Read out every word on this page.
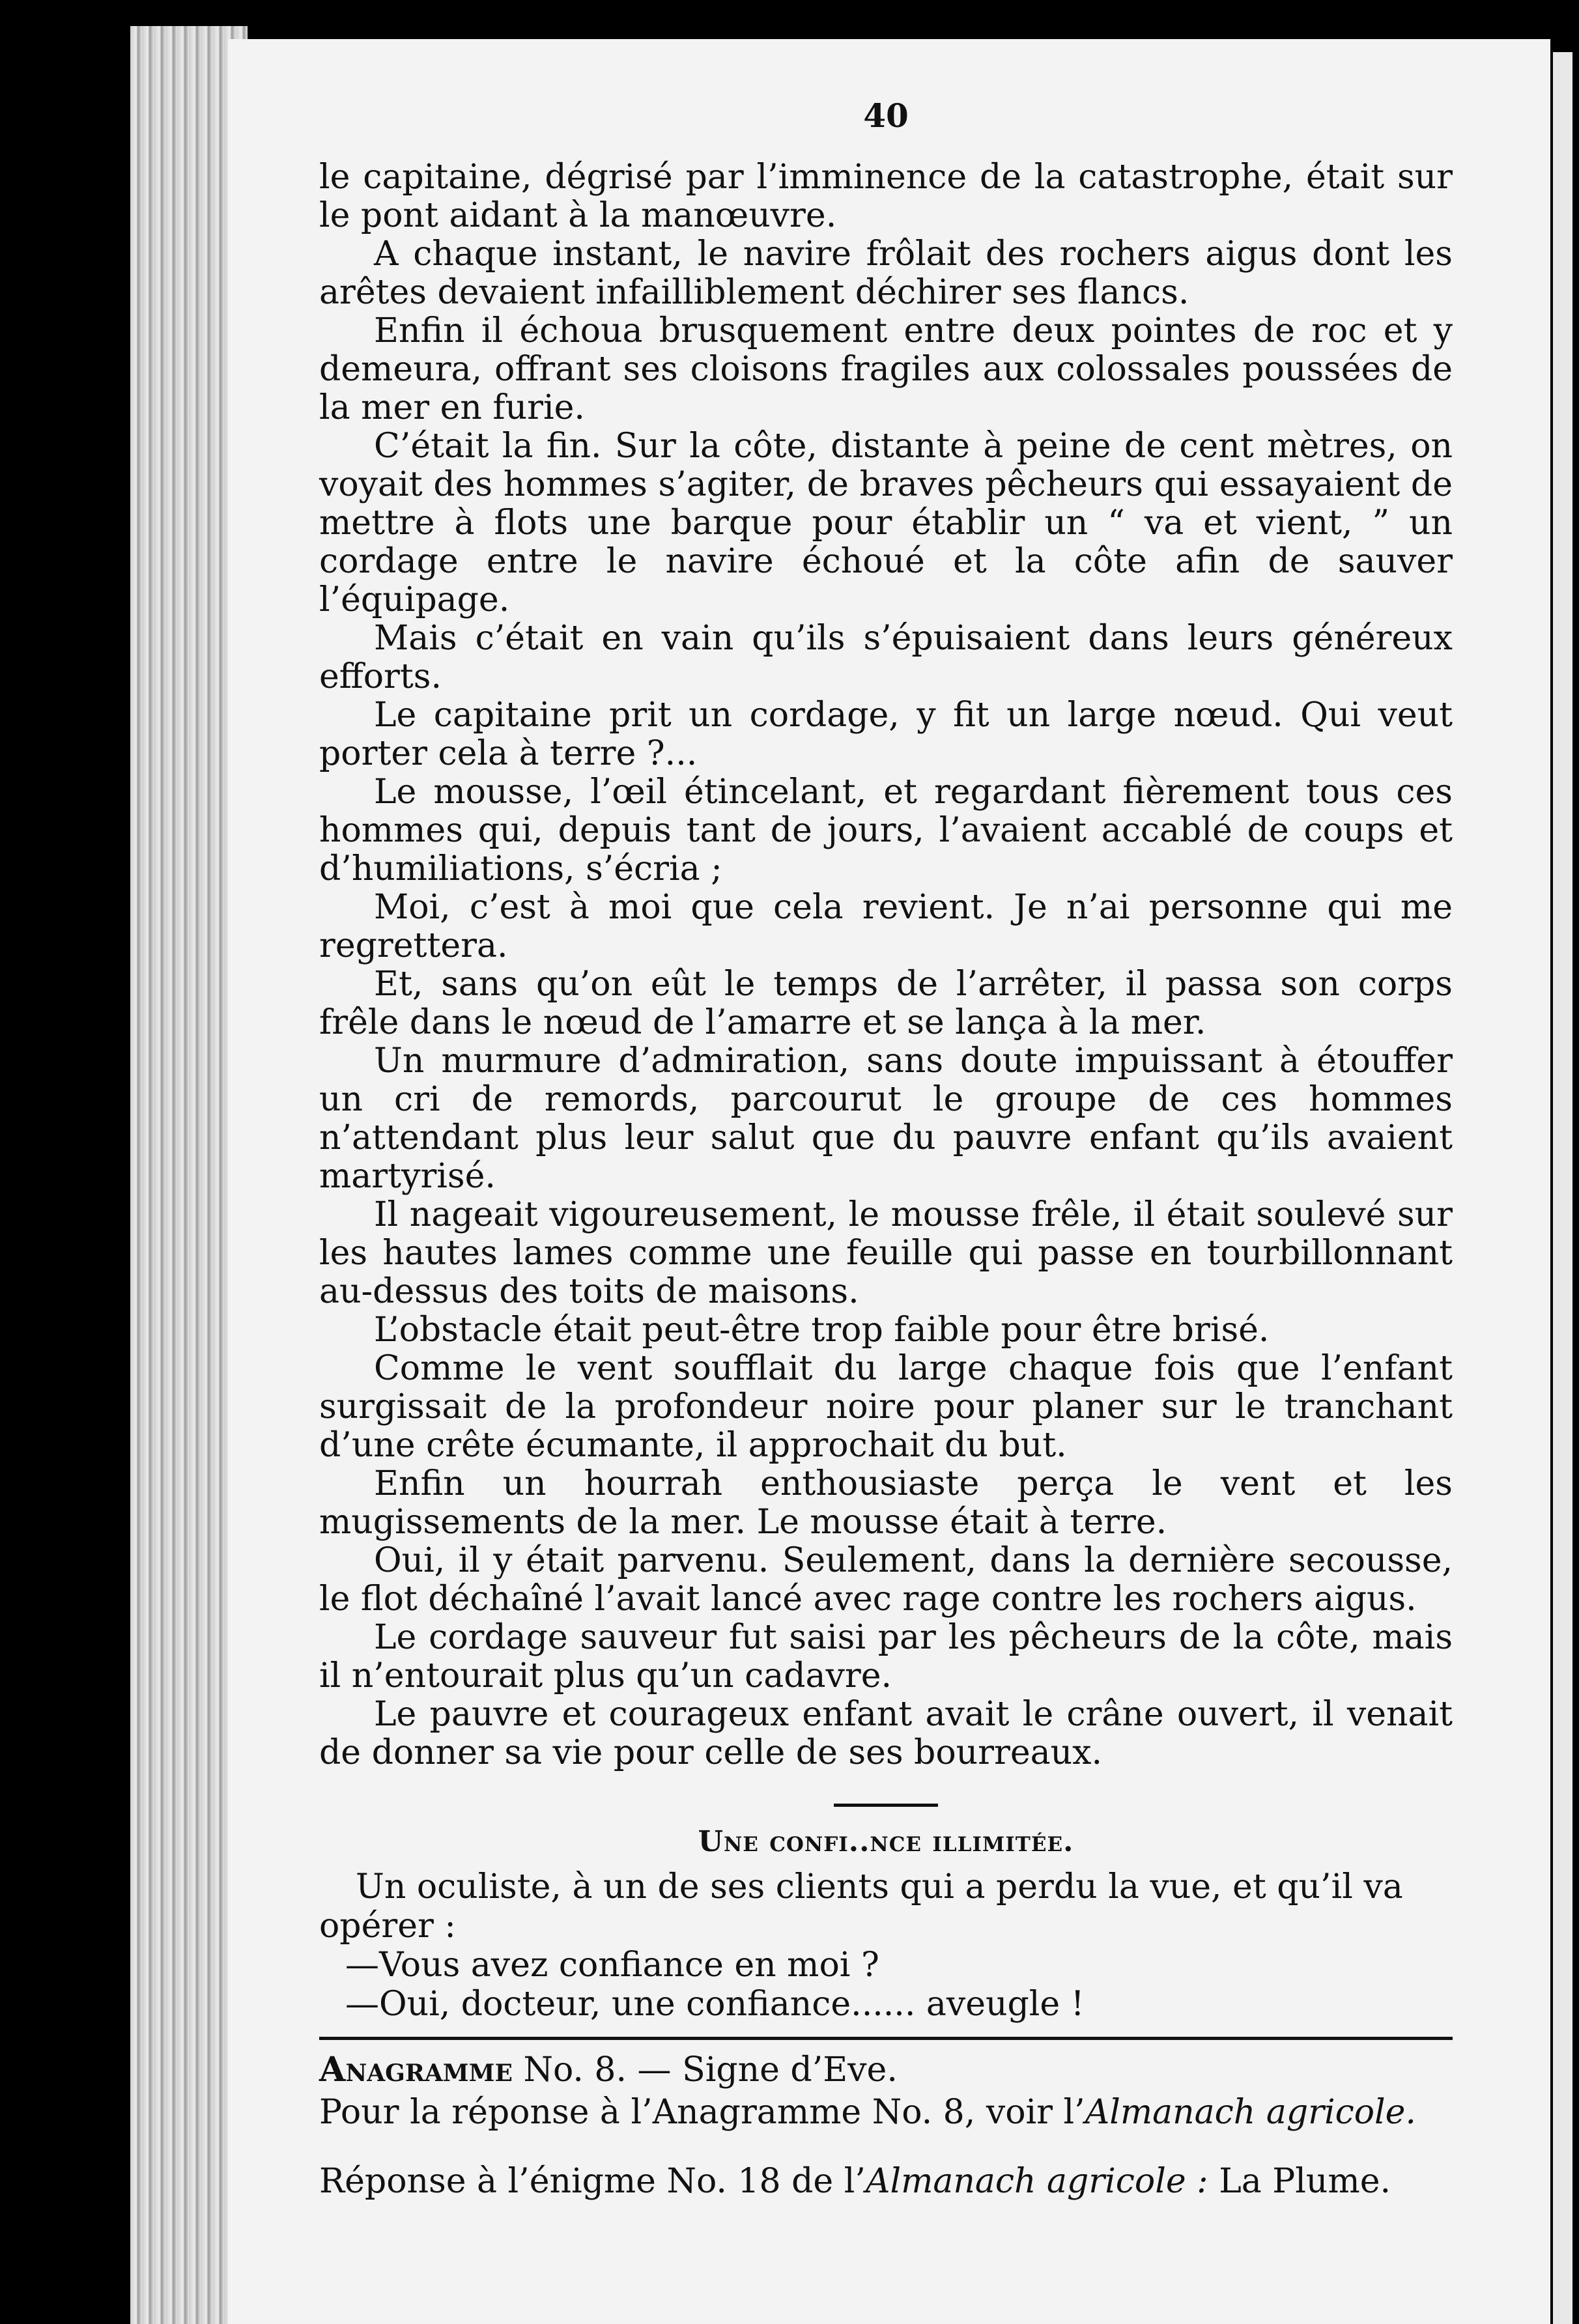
40

le capitaine, dégrisé par l’imminence de la catastrophe, était sur le pont aidant à la manœuvre.

A chaque instant, le navire frôlait des rochers aigus dont les arêtes devaient infailliblement déchirer ses flancs.

Enfin il échoua brusquement entre deux pointes de roc et y demeura, offrant ses cloisons fragiles aux colossales poussées de la mer en furie.

C’était la fin. Sur la côte, distante à peine de cent mètres, on voyait des hommes s’agiter, de braves pêcheurs qui essayaient de mettre à flots une barque pour établir un “ va et vient, ” un cordage entre le navire échoué et la côte afin de sauver l’équipage.

Mais c’était en vain qu’ils s’épuisaient dans leurs généreux efforts.

Le capitaine prit un cordage, y fit un large nœud. Qui veut porter cela à terre ?...

Le mousse, l’œil étincelant, et regardant fièrement tous ces hommes qui, depuis tant de jours, l’avaient accablé de coups et d’humiliations, s’écria ;

Moi, c’est à moi que cela revient. Je n’ai personne qui me regrettera.

Et, sans qu’on eût le temps de l’arrêter, il passa son corps frêle dans le nœud de l’amarre et se lança à la mer.

Un murmure d’admiration, sans doute impuissant à étouffer un cri de remords, parcourut le groupe de ces hommes n’attendant plus leur salut que du pauvre enfant qu’ils avaient martyrisé.

Il nageait vigoureusement, le mousse frêle, il était soulevé sur les hautes lames comme une feuille qui passe en tourbillonnant au-dessus des toits de maisons.

L’obstacle était peut-être trop faible pour être brisé.

Comme le vent soufflait du large chaque fois que l’enfant surgissait de la profondeur noire pour planer sur le tranchant d’une crête écumante, il approchait du but.

Enfin un hourrah enthousiaste perça le vent et les mugissements de la mer. Le mousse était à terre.

Oui, il y était parvenu. Seulement, dans la dernière secousse, le flot déchaîné l’avait lancé avec rage contre les rochers aigus.

Le cordage sauveur fut saisi par les pêcheurs de la côte, mais il n’entourait plus qu’un cadavre.

Le pauvre et courageux enfant avait le crâne ouvert, il venait de donner sa vie pour celle de ses bourreaux.

Une confi..nce illimitée.

Un oculiste, à un de ses clients qui a perdu la vue, et qu’il va opérer :

—Vous avez confiance en moi ?

—Oui, docteur, une confiance...... aveugle !

Anagramme No. 8. — Signe d’Eve.

Pour la réponse à l’Anagramme No. 8, voir l’Almanach agricole.

Réponse à l’énigme No. 18 de l’Almanach agricole : La Plume.
